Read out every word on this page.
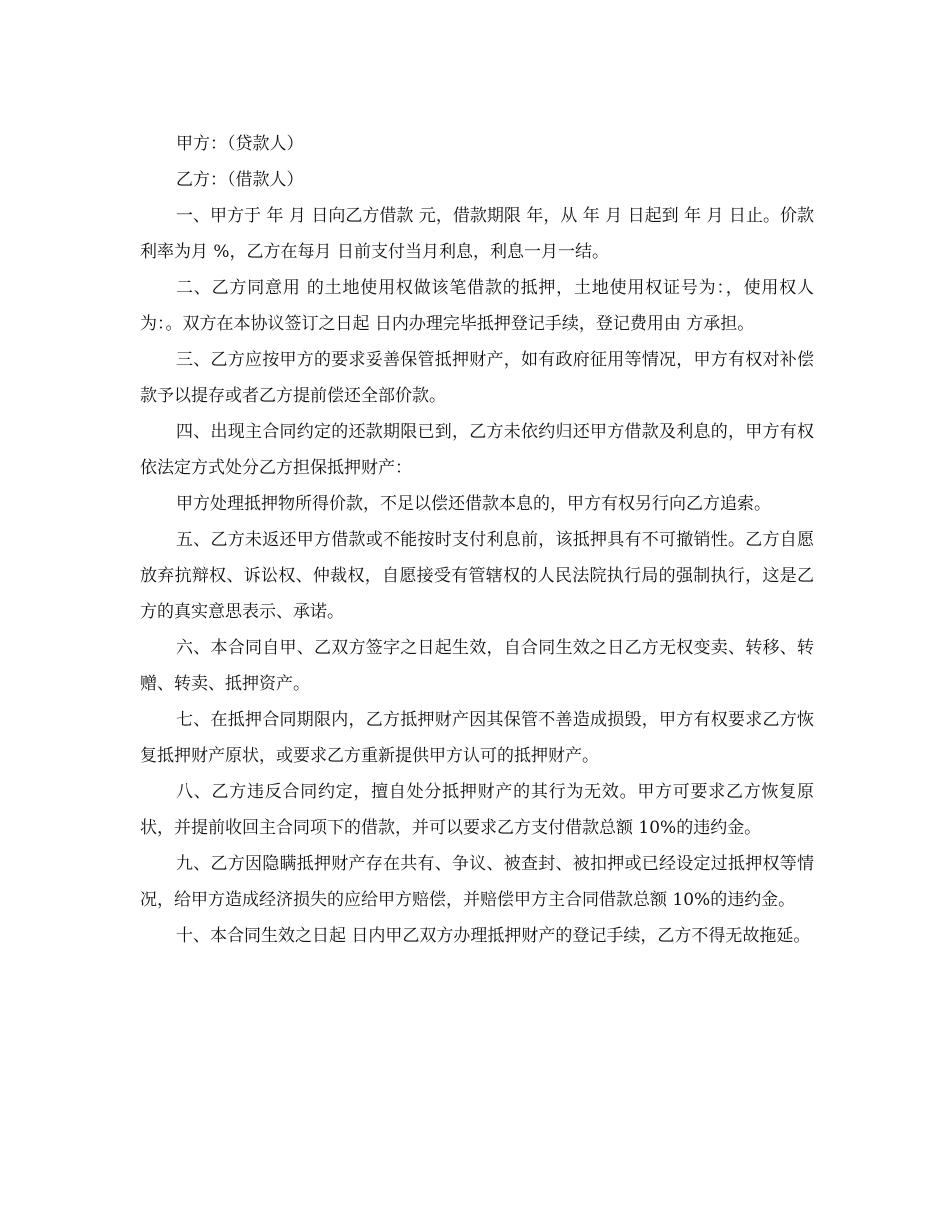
甲方：（贷款人）

乙方：（借款人）

一、甲方于 年 月 日向乙方借款 元，借款期限 年，从 年 月 日起到 年 月 日止。价款利率为月 %，乙方在每月 日前支付当月利息，利息一月一结。

二、乙方同意用 的土地使用权做该笔借款的抵押，土地使用权证号为：，使用权人为：。双方在本协议签订之日起 日内办理完毕抵押登记手续，登记费用由 方承担。

三、乙方应按甲方的要求妥善保管抵押财产，如有政府征用等情况，甲方有权对补偿款予以提存或者乙方提前偿还全部价款。

四、出现主合同约定的还款期限已到，乙方未依约归还甲方借款及利息的，甲方有权依法定方式处分乙方担保抵押财产：

甲方处理抵押物所得价款，不足以偿还借款本息的，甲方有权另行向乙方追索。

五、乙方未返还甲方借款或不能按时支付利息前，该抵押具有不可撤销性。乙方自愿放弃抗辩权、诉讼权、仲裁权，自愿接受有管辖权的人民法院执行局的强制执行，这是乙方的真实意思表示、承诺。

六、本合同自甲、乙双方签字之日起生效，自合同生效之日乙方无权变卖、转移、转赠、转卖、抵押资产。

七、在抵押合同期限内，乙方抵押财产因其保管不善造成损毁，甲方有权要求乙方恢复抵押财产原状，或要求乙方重新提供甲方认可的抵押财产。

八、乙方违反合同约定，擅自处分抵押财产的其行为无效。甲方可要求乙方恢复原状，并提前收回主合同项下的借款，并可以要求乙方支付借款总额 10%的违约金。

九、乙方因隐瞒抵押财产存在共有、争议、被查封、被扣押或已经设定过抵押权等情况，给甲方造成经济损失的应给甲方赔偿，并赔偿甲方主合同借款总额 10%的违约金。

十、本合同生效之日起 日内甲乙双方办理抵押财产的登记手续，乙方不得无故拖延。
